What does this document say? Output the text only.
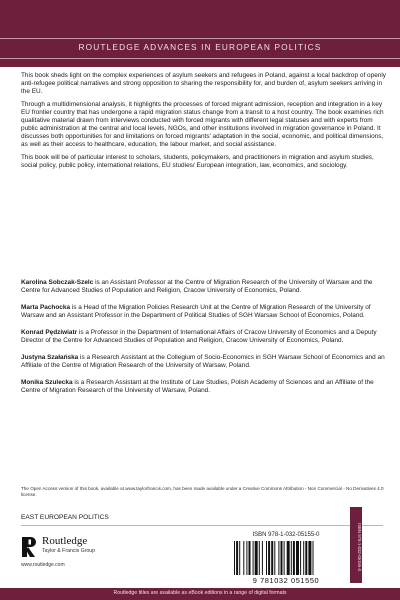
ROUTLEDGE ADVANCES IN EUROPEAN POLITICS

This book sheds light on the complex experiences of asylum seekers and refugees in Poland, against a local backdrop of openly anti-refugee political narratives and strong opposition to sharing the responsibility for, and burden of, asylum seekers arriving in the EU.

Through a multidimensional analysis, it highlights the processes of forced migrant admission, reception and integration in a key EU frontier country that has undergone a rapid migration status change from a transit to a host country. The book examines rich qualitative material drawn from interviews conducted with forced migrants with different legal statuses and with experts from public administration at the central and local levels, NGOs, and other institutions involved in migration governance in Poland. It discusses both opportunities for and limitations on forced migrants’ adaptation in the social, economic, and political dimensions, as well as their access to healthcare, education, the labour market, and social assistance.

This book will be of particular interest to scholars, students, policymakers, and practitioners in migration and asylum studies, social policy, public policy, international relations, EU studies/ European integration, law, economics, and sociology.

Karolina Sobczak-Szelc is an Assistant Professor at the Centre of Migration Research of the University of Warsaw and the Centre for Advanced Studies of Population and Religion, Cracow University of Economics, Poland.

Marta Pachocka is a Head of the Migration Policies Research Unit at the Centre of Migration Research of the University of Warsaw and an Assistant Professor in the Department of Political Studies of SGH Warsaw School of Economics, Poland.

Konrad Pędziwiatr is a Professor in the Department of International Affairs of Cracow University of Economics and a Deputy Director of the Centre for Advanced Studies of Population and Religion, Cracow University of Economics, Poland.

Justyna Szałańska is a Research Assistant at the Collegium of Socio-Economics in SGH Warsaw School of Economics and an Affiliate of the Centre of Migration Research of the University of Warsaw, Poland.

Monika Szulecka is a Research Assistant at the Institute of Law Studies, Polish Academy of Sciences and an Affiliate of the Centre of Migration Research of the University of Warsaw, Poland.

The Open Access version of this book, available at www.taylorfrancis.com, has been made available under a Creative Commons Attribution - Non Commercial - No Derivatives 4.0 license.
EAST EUROPEAN POLITICS
Routledge
Taylor & Francis Group
www.routledge.com
ISBN 978-1-032-05155-0
9 781032 051550
ISBN 978-1-032-05155-0
Routledge titles are available as eBook editions in a range of digital formats
